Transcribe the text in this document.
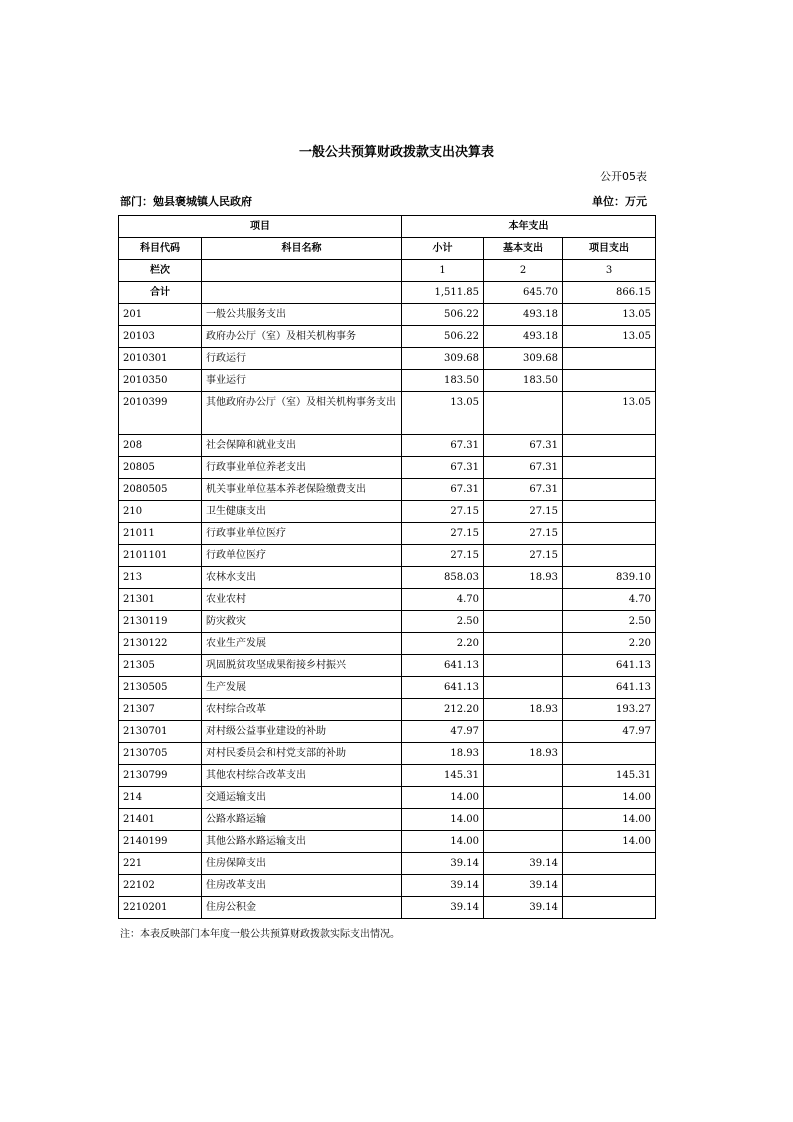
一般公共预算财政拨款支出决算表
公开05表
部门：勉县褒城镇人民政府	单位：万元
项目		本年支出		
科目代码	科目名称	小计	基本支出	项目支出
栏次		1	2	3
合计		1,511.85	645.70	866.15
201	一般公共服务支出	506.22	493.18	13.05
20103	政府办公厅（室）及相关机构事务	506.22	493.18	13.05
2010301	行政运行	309.68	309.68	
2010350	事业运行	183.50	183.50	
2010399	其他政府办公厅（室）及相关机构事务支出	13.05		13.05
208	社会保障和就业支出	67.31	67.31	
20805	行政事业单位养老支出	67.31	67.31	
2080505	机关事业单位基本养老保险缴费支出	67.31	67.31	
210	卫生健康支出	27.15	27.15	
21011	行政事业单位医疗	27.15	27.15	
2101101	行政单位医疗	27.15	27.15	
213	农林水支出	858.03	18.93	839.10
21301	农业农村	4.70		4.70
2130119	防灾救灾	2.50		2.50
2130122	农业生产发展	2.20		2.20
21305	巩固脱贫攻坚成果衔接乡村振兴	641.13		641.13
2130505	生产发展	641.13		641.13
21307	农村综合改革	212.20	18.93	193.27
2130701	对村级公益事业建设的补助	47.97		47.97
2130705	对村民委员会和村党支部的补助	18.93	18.93	
2130799	其他农村综合改革支出	145.31		145.31
214	交通运输支出	14.00		14.00
21401	公路水路运输	14.00		14.00
2140199	其他公路水路运输支出	14.00		14.00
221	住房保障支出	39.14	39.14	
22102	住房改革支出	39.14	39.14	
2210201	住房公积金	39.14	39.14	
注：本表反映部门本年度一般公共预算财政拨款实际支出情况。
